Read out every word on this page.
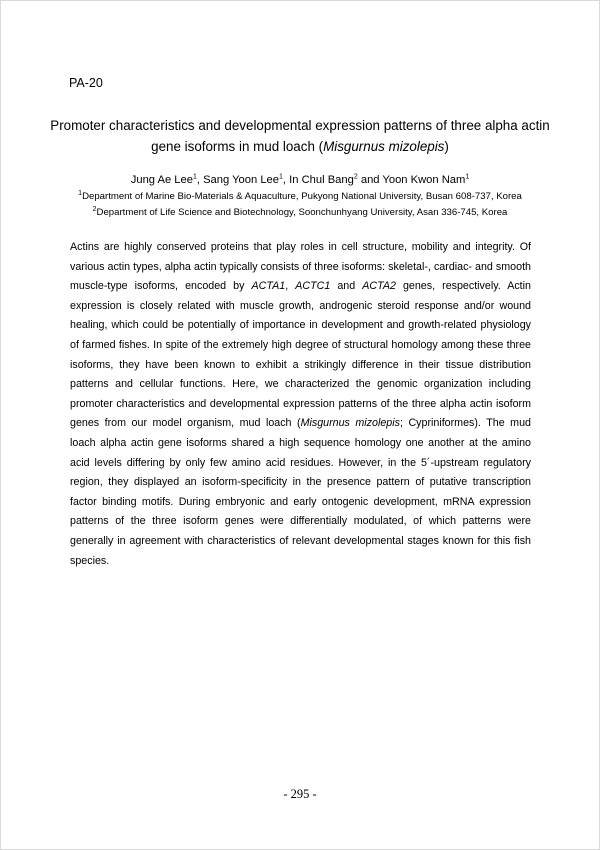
PA-20
Promoter characteristics and developmental expression patterns of three alpha actin
gene isoforms in mud loach (Misgurnus mizolepis)
Jung Ae Lee$^1$, Sang Yoon Lee$^1$, In Chul Bang$^2$ and Yoon Kwon Nam$^1$
$^1$Department of Marine Bio-Materials & Aquaculture, Pukyong National University, Busan 608-737, Korea
$^2$Department of Life Science and Biotechnology, Soonchunhyang University, Asan 336-745, Korea
Actins are highly conserved proteins that play roles in cell structure, mobility and integrity. Of various actin types, alpha actin typically consists of three isoforms: skeletal-, cardiac- and smooth muscle-type isoforms, encoded by ACTA1, ACTC1 and ACTA2 genes, respectively. Actin expression is closely related with muscle growth, androgenic steroid response and/or wound healing, which could be potentially of importance in development and growth-related physiology of farmed fishes. In spite of the extremely high degree of structural homology among these three isoforms, they have been known to exhibit a strikingly difference in their tissue distribution patterns and cellular functions. Here, we characterized the genomic organization including promoter characteristics and developmental expression patterns of the three alpha actin isoform genes from our model organism, mud loach (Misgurnus mizolepis; Cypriniformes). The mud loach alpha actin gene isoforms shared a high sequence homology one another at the amino acid levels differing by only few amino acid residues. However, in the 5´-upstream regulatory region, they displayed an isoform-specificity in the presence pattern of putative transcription factor binding motifs. During embryonic and early ontogenic development, mRNA expression patterns of the three isoform genes were differentially modulated, of which patterns were generally in agreement with characteristics of relevant developmental stages known for this fish species.
- 295 -
